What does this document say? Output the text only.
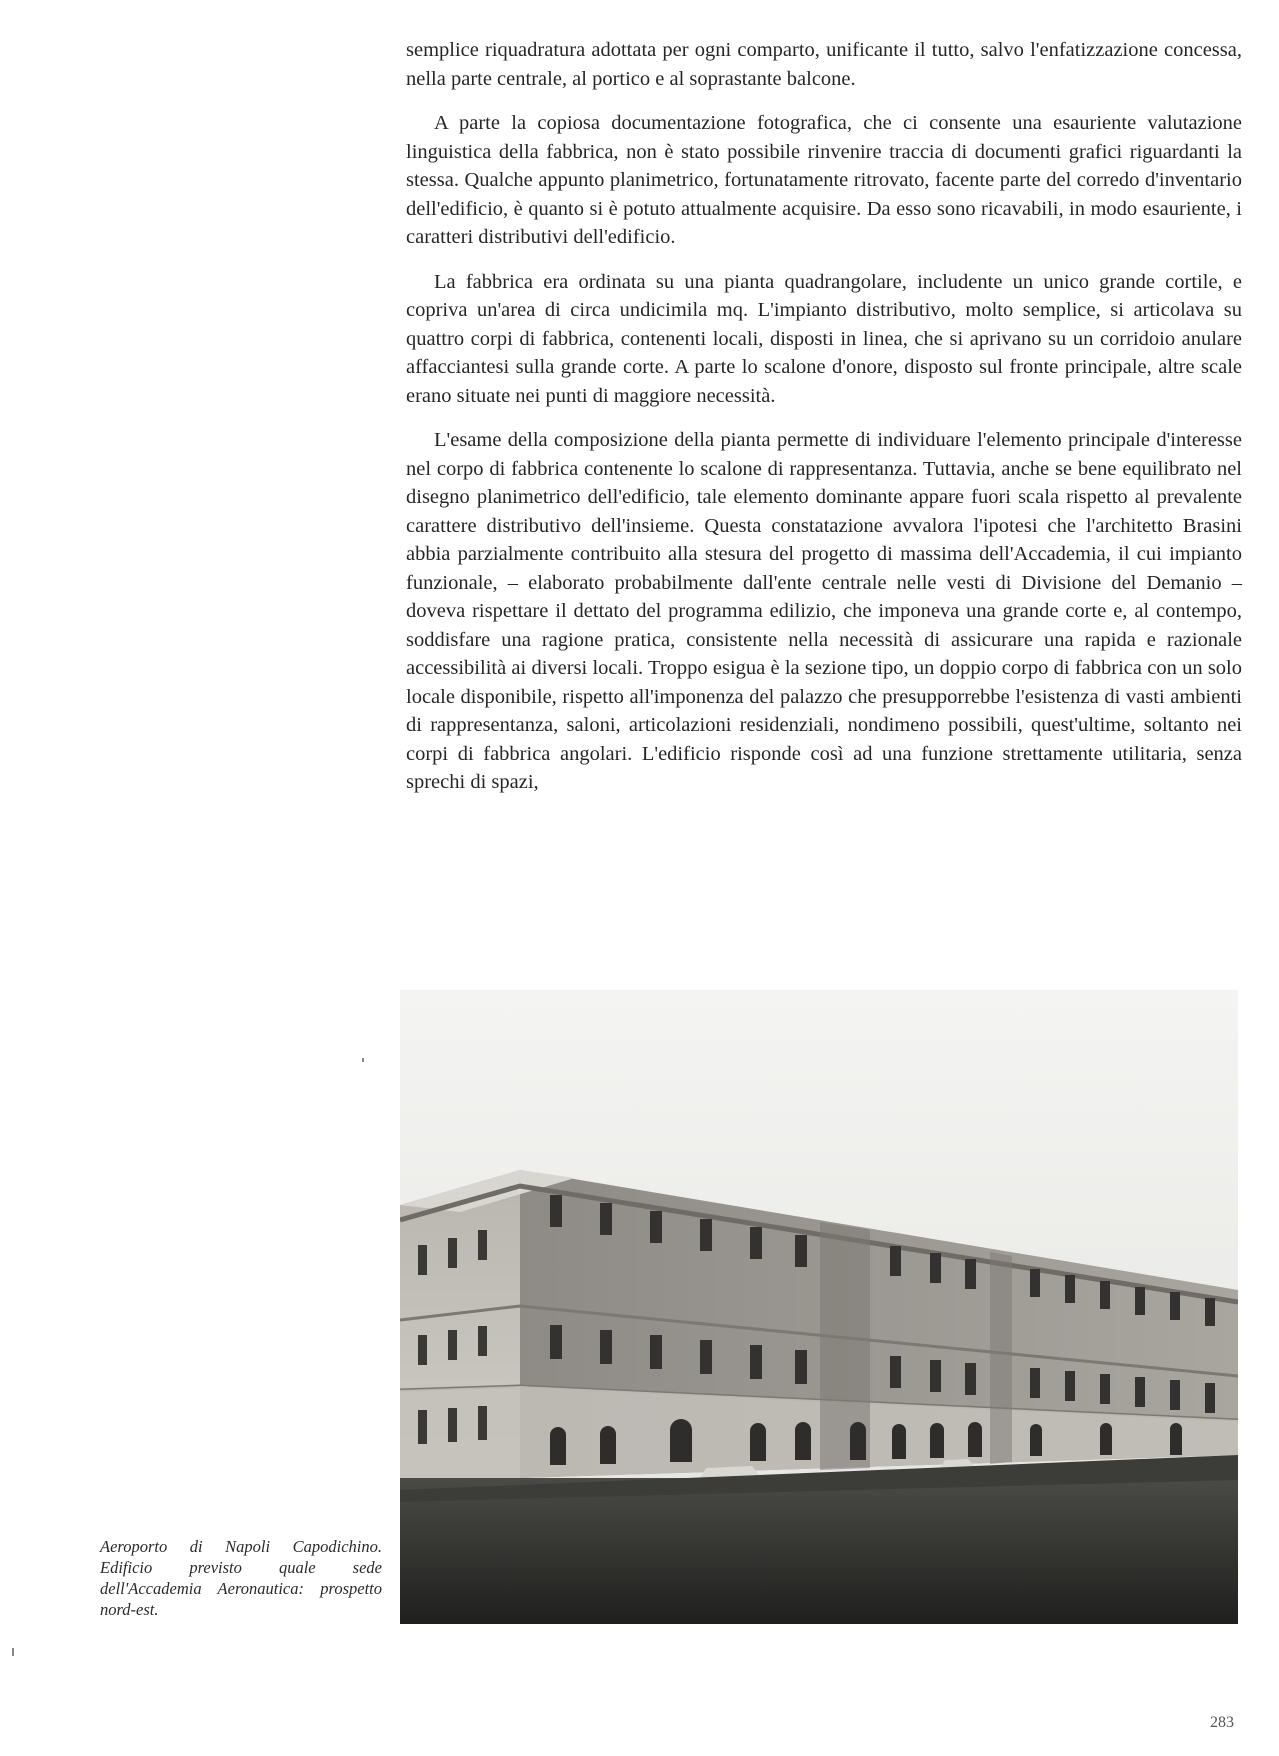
semplice riquadratura adottata per ogni comparto, unificante il tutto, salvo l'enfatizzazione concessa, nella parte centrale, al portico e al soprastante balcone.

A parte la copiosa documentazione fotografica, che ci consente una esauriente valutazione linguistica della fabbrica, non è stato possibile rinvenire traccia di documenti grafici riguardanti la stessa. Qualche appunto planimetrico, fortunatamente ritrovato, facente parte del corredo d'inventario dell'edificio, è quanto si è potuto attualmente acquisire. Da esso sono ricavabili, in modo esauriente, i caratteri distributivi dell'edificio.

La fabbrica era ordinata su una pianta quadrangolare, includente un unico grande cortile, e copriva un'area di circa undicimila mq. L'impianto distributivo, molto semplice, si articolava su quattro corpi di fabbrica, contenenti locali, disposti in linea, che si aprivano su un corridoio anulare affacciantesi sulla grande corte. A parte lo scalone d'onore, disposto sul fronte principale, altre scale erano situate nei punti di maggiore necessità.

L'esame della composizione della pianta permette di individuare l'elemento principale d'interesse nel corpo di fabbrica contenente lo scalone di rappresentanza. Tuttavia, anche se bene equilibrato nel disegno planimetrico dell'edificio, tale elemento dominante appare fuori scala rispetto al prevalente carattere distributivo dell'insieme. Questa constatazione avvalora l'ipotesi che l'architetto Brasini abbia parzialmente contribuito alla stesura del progetto di massima dell'Accademia, il cui impianto funzionale, – elaborato probabilmente dall'ente centrale nelle vesti di Divisione del Demanio – doveva rispettare il dettato del programma edilizio, che imponeva una grande corte e, al contempo, soddisfare una ragione pratica, consistente nella necessità di assicurare una rapida e razionale accessibilità ai diversi locali. Troppo esigua è la sezione tipo, un doppio corpo di fabbrica con un solo locale disponibile, rispetto all'imponenza del palazzo che presupporrebbe l'esistenza di vasti ambienti di rappresentanza, saloni, articolazioni residenziali, nondimeno possibili, quest'ultime, soltanto nei corpi di fabbrica angolari. L'edificio risponde così ad una funzione strettamente utilitaria, senza sprechi di spazi,

Aeroporto di Napoli Capodichino. Edificio previsto quale sede dell'Accademia Aeronautica: prospetto nord-est.
283
